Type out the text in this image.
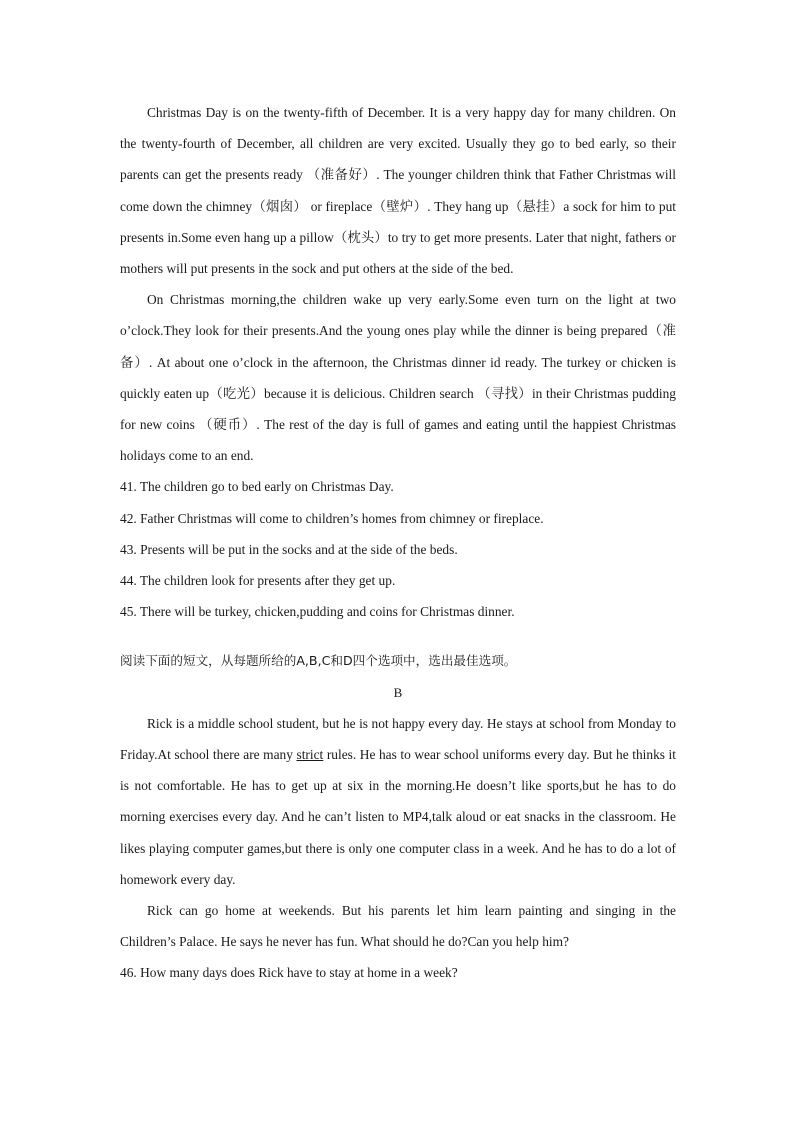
Christmas Day is on the twenty-fifth of December. It is a very happy day for many children. On the twenty-fourth of December, all children are very excited. Usually they go to bed early, so their parents can get the presents ready （准备好）. The younger children think that Father Christmas will come down the chimney（烟囱） or fireplace（壁炉）. They hang up（悬挂）a sock for him to put presents in.Some even hang up a pillow（枕头）to try to get more presents. Later that night, fathers or mothers will put presents in the sock and put others at the side of the bed.

On Christmas morning,the children wake up very early.Some even turn on the light at two o’clock.They look for their presents.And the young ones play while the dinner is being prepared（准备）. At about one o’clock in the afternoon, the Christmas dinner id ready. The turkey or chicken is quickly eaten up（吃光）because it is delicious. Children search （寻找）in their Christmas pudding for new coins （硬币）. The rest of the day is full of games and eating until the happiest Christmas holidays come to an end.

41. The children go to bed early on Christmas Day.

42. Father Christmas will come to children’s homes from chimney or fireplace.

43. Presents will be put in the socks and at the side of the beds.

44. The children look for presents after they get up.

45. There will be turkey, chicken,pudding and coins for Christmas dinner.

阅读下面的短文，从每题所给的A,B,C和D四个选项中，选出最佳选项。

B

Rick is a middle school student, but he is not happy every day. He stays at school from Monday to Friday.At school there are many strict rules. He has to wear school uniforms every day. But he thinks it is not comfortable. He has to get up at six in the morning.He doesn’t like sports,but he has to do morning exercises every day. And he can’t listen to MP4,talk aloud or eat snacks in the classroom. He likes playing computer games,but there is only one computer class in a week. And he has to do a lot of homework every day.

Rick can go home at weekends. But his parents let him learn painting and singing in the Children’s Palace. He says he never has fun. What should he do?Can you help him?

46. How many days does Rick have to stay at home in a week?
